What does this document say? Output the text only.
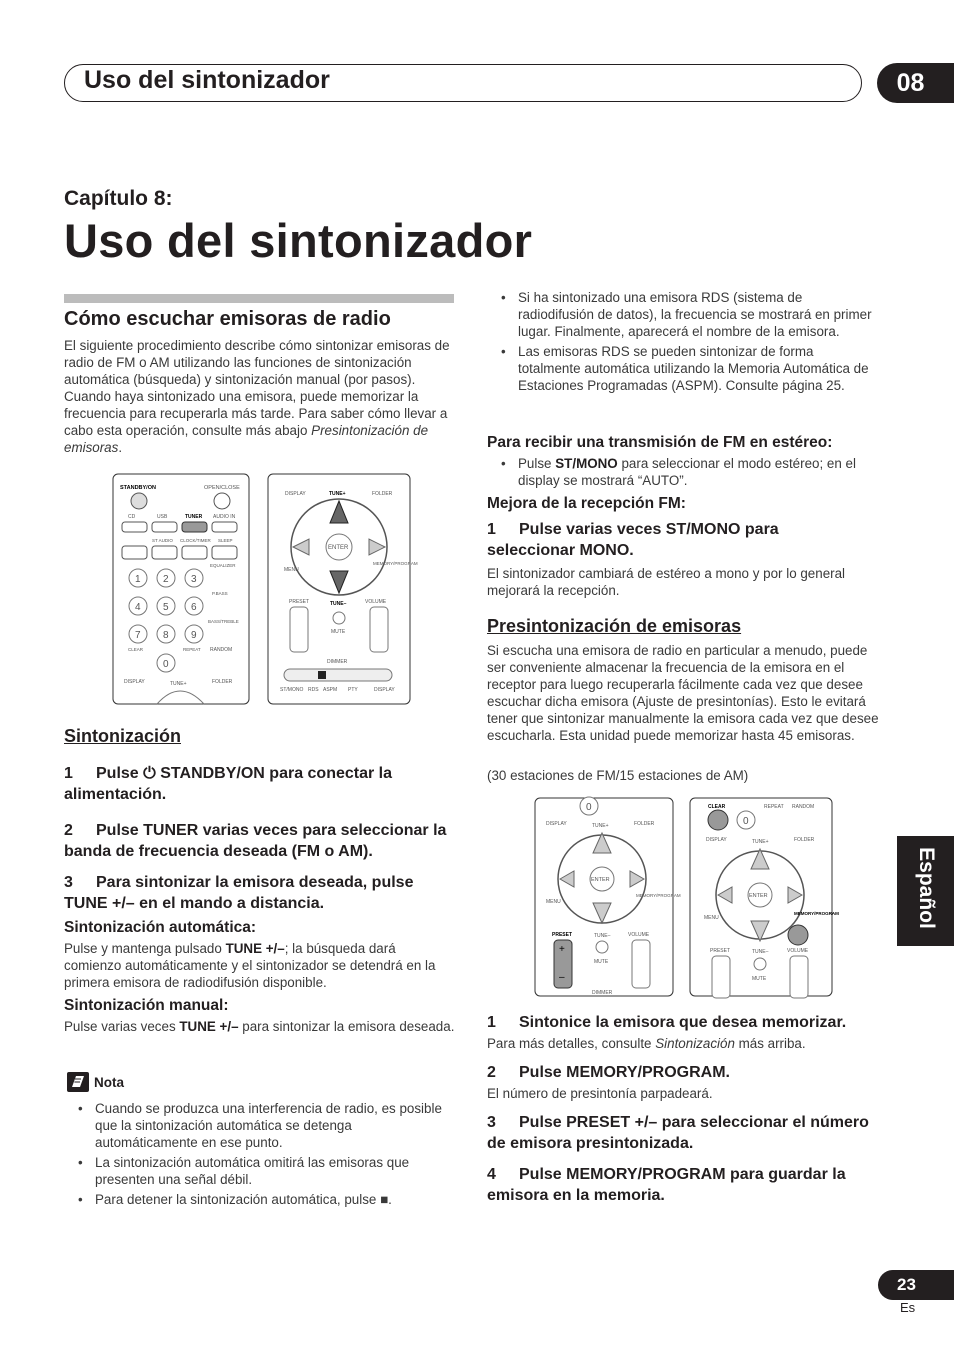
Uso del sintonizador	08
Capítulo 8:
Uso del sintonizador
Cómo escuchar emisoras de radio
El siguiente procedimiento describe cómo sintonizar emisoras de radio de FM o AM utilizando las funciones de sintonización automática (búsqueda) y sintonización manual (por pasos). Cuando haya sintonizado una emisora, puede memorizar la frecuencia para recuperarla más tarde. Para saber cómo llevar a cabo esta operación, consulte más abajo Presintonización de emisoras.
STANDBY/ON	OPEN/CLOSE
CD	USB	TUNER AUDIO IN
ST AUDIO CLOCK/TIMER SLEEP
EQUALIZER
1 2 3
P.BASS
4 5 6
BASS/TREBLE
7 8 9
CLEAR	REPEAT RANDOM
0
DISPLAY	TUNE+	FOLDER
DISPLAY	TUNE+	FOLDER
ENTER
MENU
MEMORY/PROGRAM
PRESET	TUNE–	VOLUME
MUTE
DIMMER
ST/MONO RDS ASPM PTY	DISPLAY
Sintonización
1 Pulse ⏻ STANDBY/ON para conectar la alimentación.
2 Pulse TUNER varias veces para seleccionar la banda de frecuencia deseada (FM o AM).
3 Para sintonizar la emisora deseada, pulse TUNE +/– en el mando a distancia.
Sintonización automática:
Pulse y mantenga pulsado TUNE +/–; la búsqueda dará comienzo automáticamente y el sintonizador se detendrá en la primera emisora de radiodifusión disponible.
Sintonización manual:
Pulse varias veces TUNE +/– para sintonizar la emisora deseada.
Nota
• Cuando se produzca una interferencia de radio, es posible que la sintonización automática se detenga automáticamente en ese punto.
• La sintonización automática omitirá las emisoras que presenten una señal débil.
• Para detener la sintonización automática, pulse ■.
• Si ha sintonizado una emisora RDS (sistema de radiodifusión de datos), la frecuencia se mostrará en primer lugar. Finalmente, aparecerá el nombre de la emisora.
• Las emisoras RDS se pueden sintonizar de forma totalmente automática utilizando la Memoria Automática de Estaciones Programadas (ASPM). Consulte página 25.
Para recibir una transmisión de FM en estéreo:
• Pulse ST/MONO para seleccionar el modo estéreo; en el display se mostrará “AUTO”.
Mejora de la recepción FM:
1 Pulse varias veces ST/MONO para seleccionar MONO.
El sintonizador cambiará de estéreo a mono y por lo general mejorará la recepción.
Presintonización de emisoras
Si escucha una emisora de radio en particular a menudo, puede ser conveniente almacenar la frecuencia de la emisora en el receptor para luego recuperarla fácilmente cada vez que desee escuchar dicha emisora (Ajuste de presintonías). Esto le evitará tener que sintonizar manualmente la emisora cada vez que desee escucharla. Esta unidad puede memorizar hasta 45 emisoras.
(30 estaciones de FM/15 estaciones de AM)
0
DISPLAY	TUNE+	FOLDER
ENTER
MENU
MEMORY/PROGRAM
PRESET	TUNE–	VOLUME
+
–
MUTE
DIMMER
CLEAR	REPEAT RANDOM
0
DISPLAY	TUNE+	FOLDER
ENTER
MENU
MEMORY/PROGRAM
PRESET	TUNE–	VOLUME
MUTE
1 Sintonice la emisora que desea memorizar.
Para más detalles, consulte Sintonización más arriba.
2 Pulse MEMORY/PROGRAM.
El número de presintonía parpadeará.
3 Pulse PRESET +/– para seleccionar el número de emisora presintonizada.
4 Pulse MEMORY/PROGRAM para guardar la emisora en la memoria.
Español
23
Es
